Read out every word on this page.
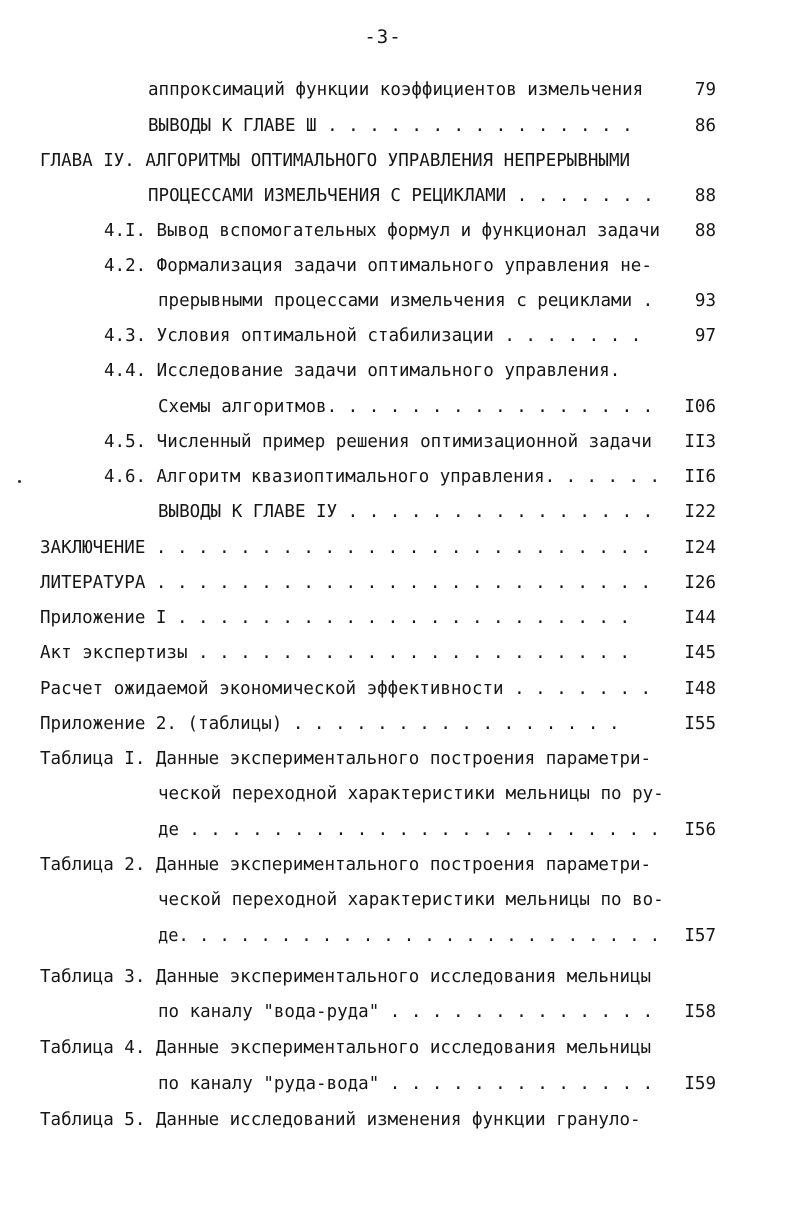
-3-
аппроксимаций функции коэффициентов измельчения	79
ВЫВОДЫ К ГЛАВЕ Ш . . . . . . . . . . . . . . .	86
ГЛАВА IУ. АЛГОРИТМЫ ОПТИМАЛЬНОГО УПРАВЛЕНИЯ НЕПРЕРЫВНЫМИ
ПРОЦЕССАМИ ИЗМЕЛЬЧЕНИЯ С РЕЦИКЛАМИ . . . . . . . 88
4.I. Вывод вспомогательных формул и функционал задачи 88
4.2. Формализация задачи оптимального управления не-
прерывными процессами измельчения с рециклами . 93
4.3. Условия оптимальной стабилизации . . . . . . .	97
4.4. Исследование задачи оптимального управления.
Схемы алгоритмов. . . . . . . . . . . . . . . . I06
4.5. Численный пример решения оптимизационной задачи II3
4.6. Алгоритм квазиоптимального управления. . . . . . II6
ВЫВОДЫ К ГЛАВЕ IУ . . . . . . . . . . . . . . . I22
ЗАКЛЮЧЕНИЕ . . . . . . . . . . . . . . . . . . . . . . . . I24
ЛИТЕРАТУРА . . . . . . . . . . . . . . . . . . . . . . . . I26
Приложение I . . . . . . . . . . . . . . . . . . . . . .	I44
Акт экспертизы . . . . . . . . . . . . . . . . . . . . .	I45
Расчет ожидаемой экономической эффективности . . . . . . . I48
Приложение 2. (таблицы) . . . . . . . . . . . . . . . .	I55
Таблица I. Данные экспериментального построения параметри-
ческой переходной характеристики мельницы по ру-
де . . . . . . . . . . . . . . . . . . . . . . . I56
Таблица 2. Данные экспериментального построения параметри-
ческой переходной характеристики мельницы по во-
де. . . . . . . . . . . . . . . . . . . . . . . . I57
Таблица 3. Данные экспериментального исследования мельницы
по каналу "вода-руда" . . . . . . . . . . . . . I58
Таблица 4. Данные экспериментального исследования мельницы
по каналу "руда-вода" . . . . . . . . . . . . . I59
Таблица 5. Данные исследований изменения функции грануло-
